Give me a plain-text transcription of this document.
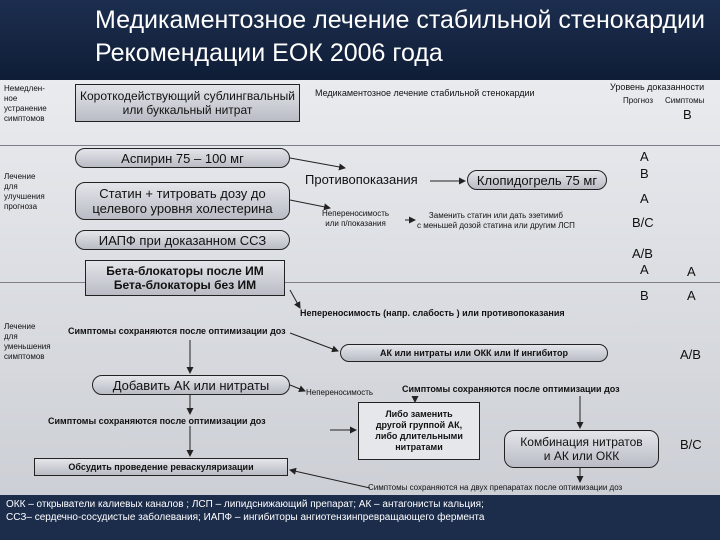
Медикаментозное лечение стабильной стенокардии Рекомендации ЕОК 2006 года
Немедлен-
ное
устранение
симптомов
Лечение
для
улучшения
прогноза
Лечение
для
уменьшения
симптомов
Медикаментозное лечение стабильной стенокардии
Уровень доказанности
Прогноз Симптомы
B
Короткодействующий сублингвальный
или буккальный нитрат
Аспирин 75 – 100 мг
Противопоказания	Клопидогрель 75 мг
Статин + титровать дозу до
целевого уровня холестерина	Непереносимость
или п/показания
Заменить статин или дать эзетимиб
с меньшей дозой статина или другим ЛСП
ИАПФ при доказанном ССЗ
Бета-блокаторы после ИМ
Бета-блокаторы без ИМ
A
B
A
B/C
A/B
A	A
B	A
Непереносимость (напр. слабость ) или противопоказания
Симптомы сохраняются после оптимизации доз
АК или нитраты или ОКК или If ингибитор	A/B
Добавить АК или нитраты	Непереносимость	Симптомы сохраняются после оптимизации доз
Симптомы сохраняются после оптимизации доз
Либо заменить
другой группой АК,
либо длительными
нитратами	Комбинация нитратов
и АК или ОКК
B/C
Обсудить проведение реваскуляризации
Симптомы сохраняются на двух препаратах после оптимизации доз
ОКК – открыватели калиевых каналов ; ЛСП – липидснижающий препарат; АК – антагонисты кальция;
ССЗ– сердечно-сосудистые заболевания; ИАПФ – ингибиторы ангиотензинпревращающего фермента
